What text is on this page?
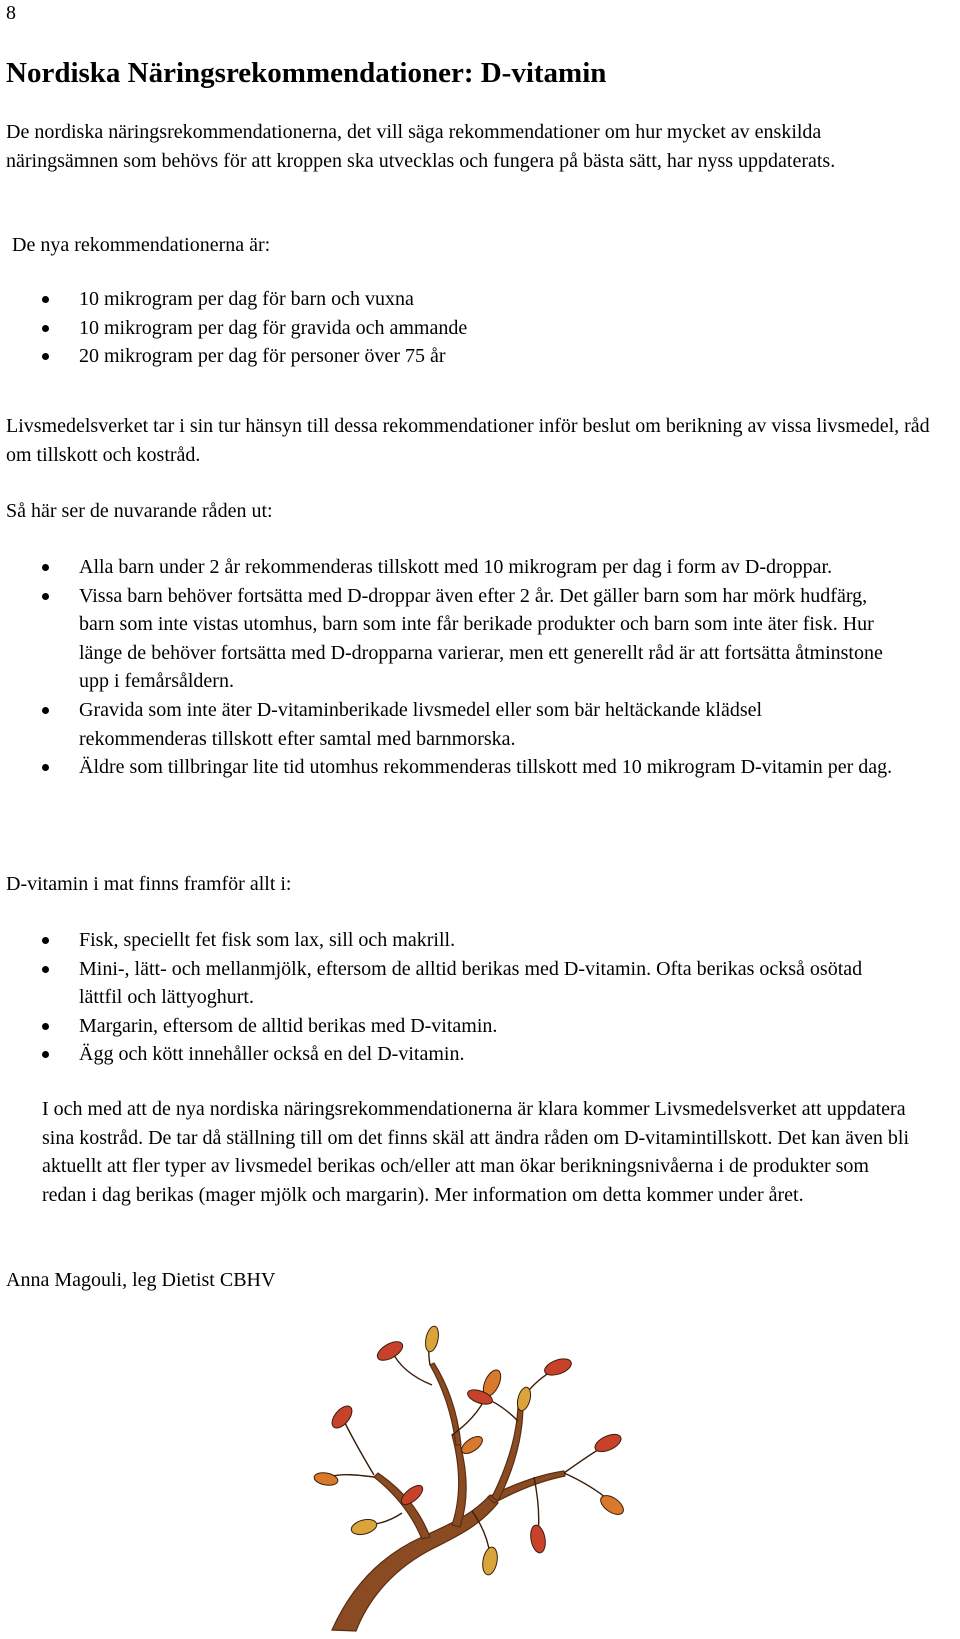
8
Nordiska Näringsrekommendationer: D-vitamin

De nordiska näringsrekommendationerna, det vill säga rekommendationer om hur mycket av enskilda näringsämnen som behövs för att kroppen ska utvecklas och fungera på bästa sätt, har nyss uppdaterats.

De nya rekommendationerna är:

10 mikrogram per dag för barn och vuxna
10 mikrogram per dag för gravida och ammande
20 mikrogram per dag för personer över 75 år

Livsmedelsverket tar i sin tur hänsyn till dessa rekommendationer inför beslut om berikning av vissa livsmedel, råd om tillskott och kostråd.

Så här ser de nuvarande råden ut:

Alla barn under 2 år rekommenderas tillskott med 10 mikrogram per dag i form av D-droppar.
Vissa barn behöver fortsätta med D-droppar även efter 2 år. Det gäller barn som har mörk hudfärg, barn som inte vistas utomhus, barn som inte får berikade produkter och barn som inte äter fisk. Hur länge de behöver fortsätta med D-dropparna varierar, men ett generellt råd är att fortsätta åtminstone upp i femårsåldern.
Gravida som inte äter D-vitaminberikade livsmedel eller som bär heltäckande klädsel rekommenderas tillskott efter samtal med barnmorska.
Äldre som tillbringar lite tid utomhus rekommenderas tillskott med 10 mikrogram D-vitamin per dag.

D-vitamin i mat finns framför allt i:

Fisk, speciellt fet fisk som lax, sill och makrill.
Mini-, lätt- och mellanmjölk, eftersom de alltid berikas med D-vitamin. Ofta berikas också osötad lättfil och lättyoghurt.
Margarin, eftersom de alltid berikas med D-vitamin.
Ägg och kött innehåller också en del D-vitamin.

I och med att de nya nordiska näringsrekommendationerna är klara kommer Livsmedelsverket att uppdatera sina kostråd. De tar då ställning till om det finns skäl att ändra råden om D-vitamintillskott. Det kan även bli aktuellt att fler typer av livsmedel berikas och/eller att man ökar berikningsnivåerna i de produkter som redan i dag berikas (mager mjölk och margarin). Mer information om detta kommer under året.

Anna Magouli, leg Dietist CBHV
